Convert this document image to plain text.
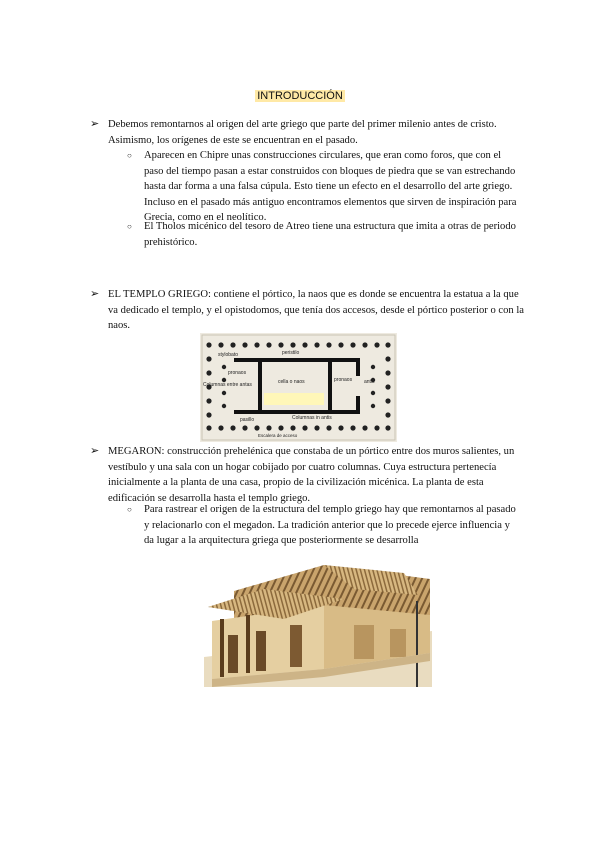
INTRODUCCIÓN
➢ Debemos remontarnos al origen del arte griego que parte del primer milenio antes de cristo. Asimismo, los orígenes de este se encuentran en el pasado.
○ Aparecen en Chipre unas construcciones circulares, que eran como foros, que con el paso del tiempo pasan a estar construidos con bloques de piedra que se van estrechando hasta dar forma a una falsa cúpula. Esto tiene un efecto en el desarrollo del arte griego. Incluso en el pasado más antiguo encontramos elementos que sirven de inspiración para Grecia, como en el neolítico.
○ El Tholos micénico del tesoro de Atreo tiene una estructura que imita a otras de periodo prehistórico.
➢ EL TEMPLO GRIEGO: contiene el pórtico, la naos que es donde se encuentra la estatua a la que va dedicado el templo, y el opistodomos, que tenía dos accesos, desde el pórtico posterior o con la naos.
peristilo
stylobato
pronaos
Columnas entre antas	cella o naos	pronaos antis
pasillo	Columnas in antis
Escalera de acceso
➢ MEGARON: construcción prehelénica que constaba de un pórtico entre dos muros salientes, un vestíbulo y una sala con un hogar cobijado por cuatro columnas. Cuya estructura pertenecía inicialmente a la planta de una casa, propio de la civilización micénica. La planta de esta edificación se desarrolla hasta el templo griego.
○ Para rastrear el origen de la estructura del templo griego hay que remontarnos al pasado y relacionarlo con el megadon. La tradición anterior que lo precede ejerce influencia y da lugar a la arquitectura griega que posteriormente se desarrolla
